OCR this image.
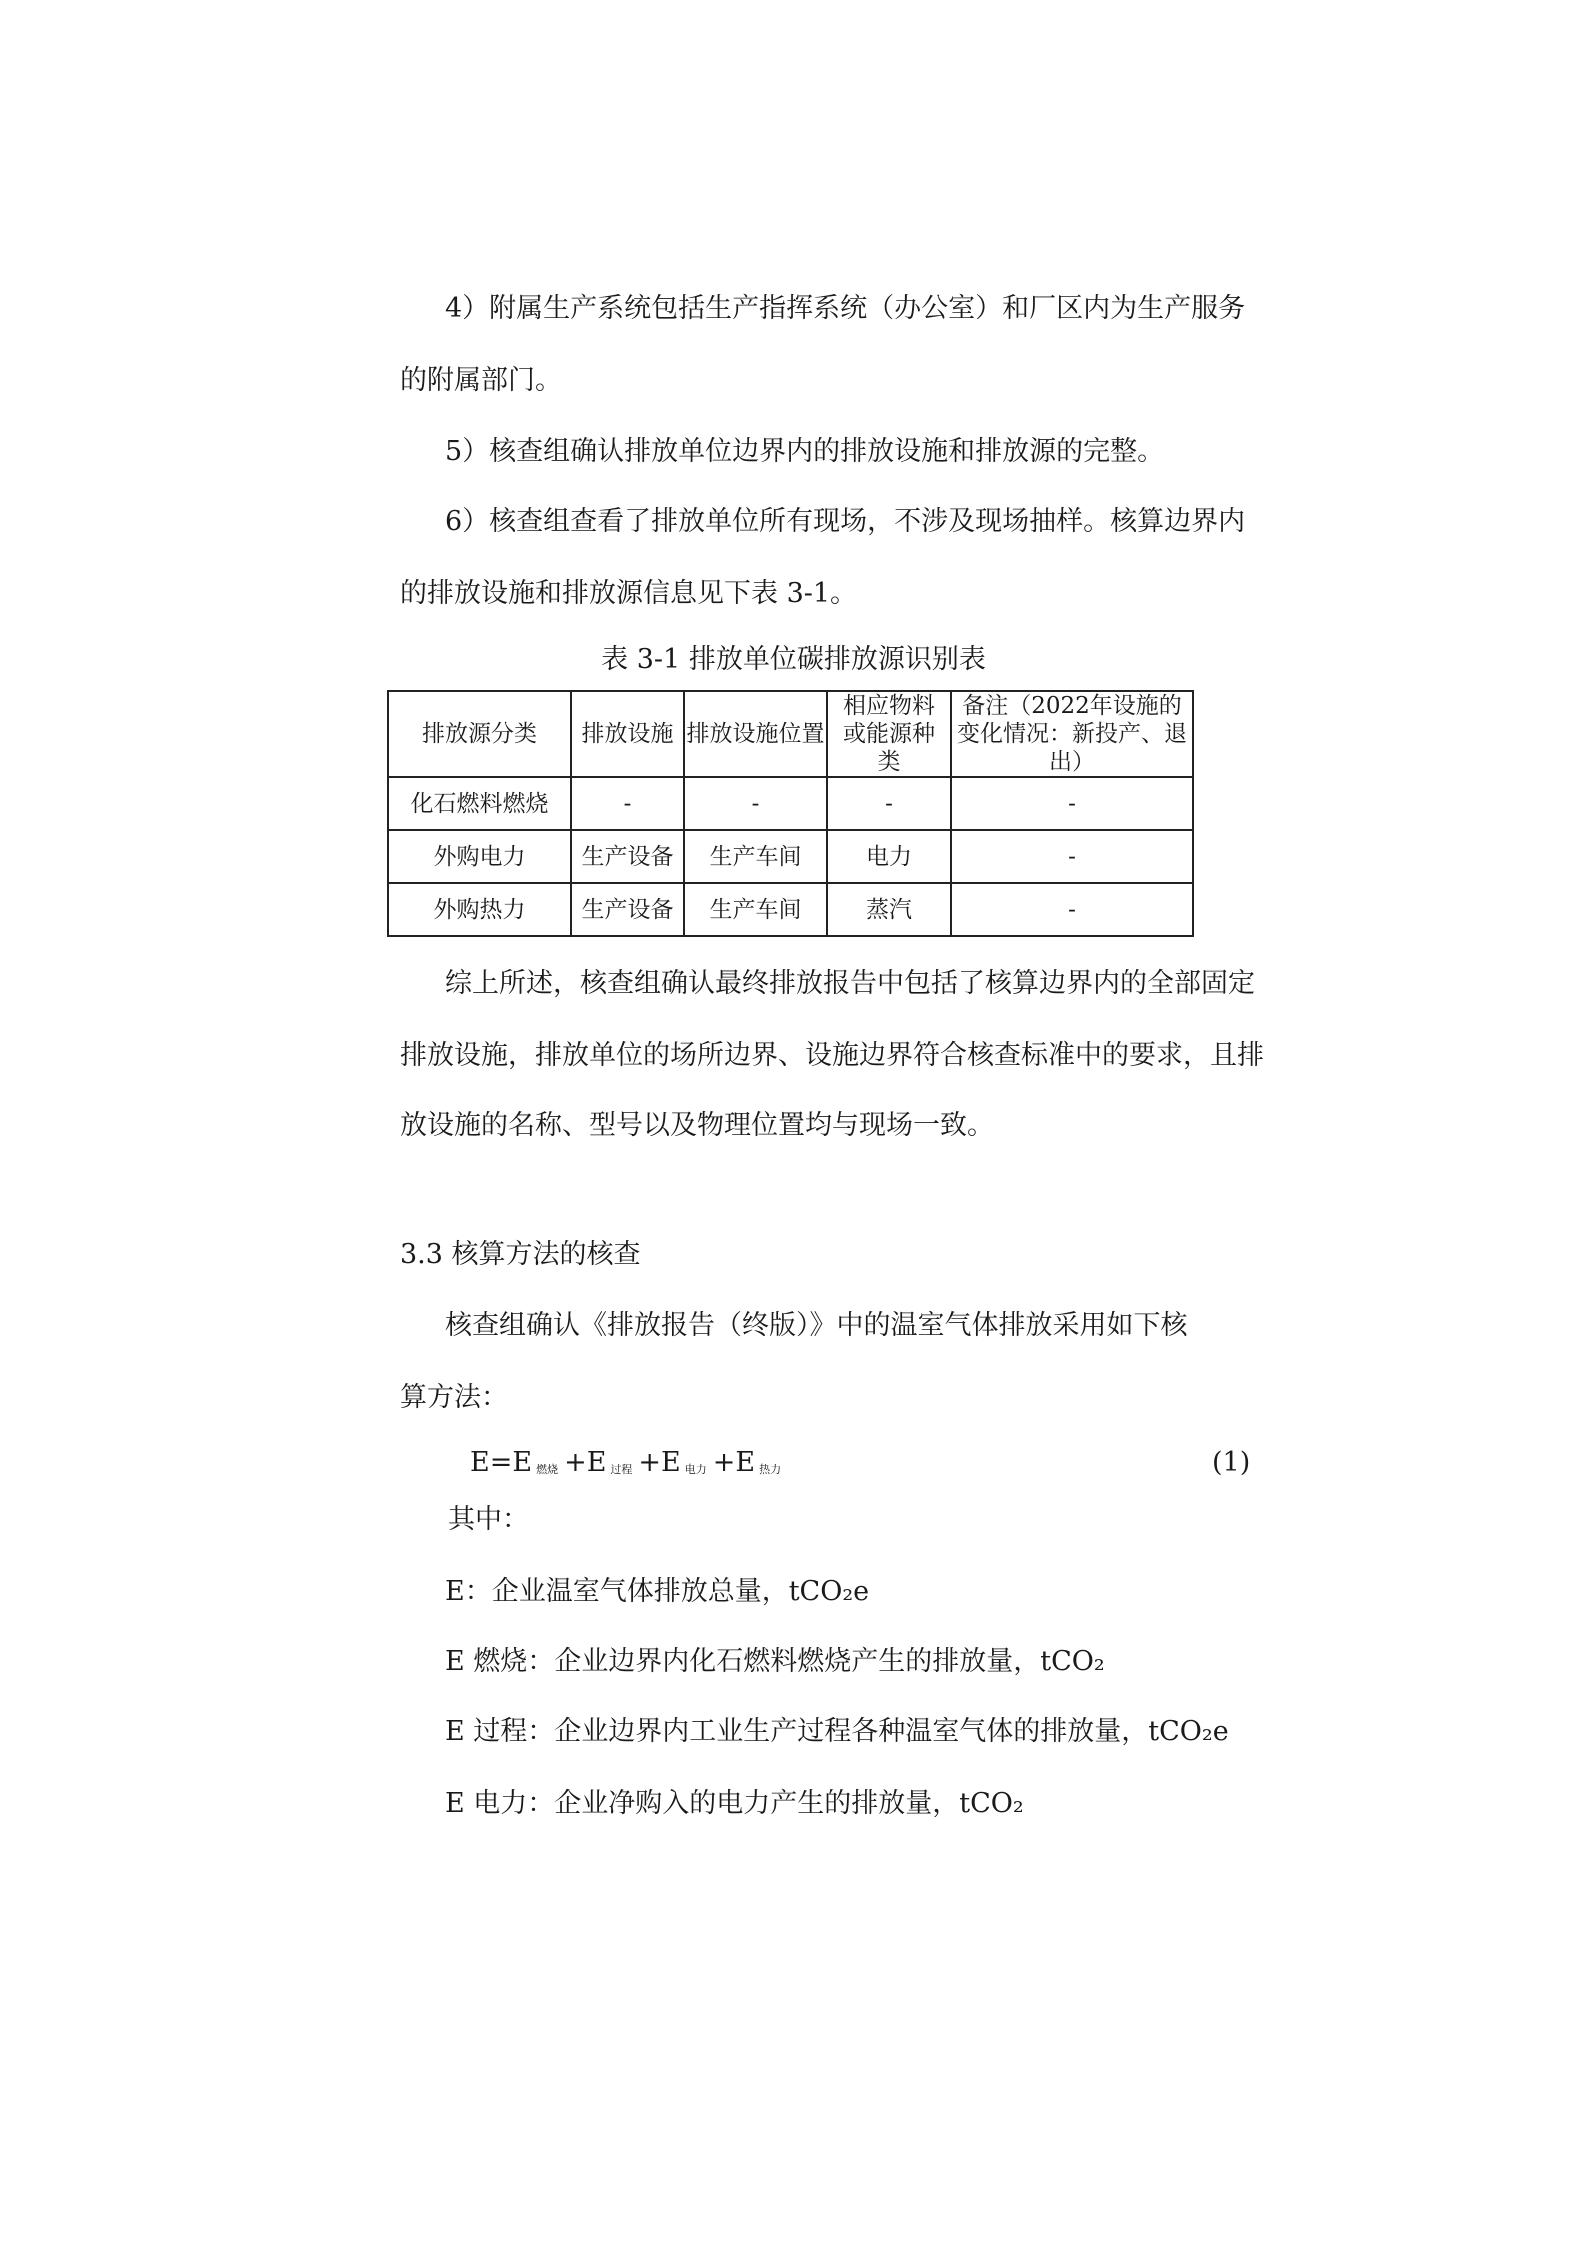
4）附属生产系统包括生产指挥系统（办公室）和厂区内为生产服务
的附属部门。
5）核查组确认排放单位边界内的排放设施和排放源的完整。
6）核查组查看了排放单位所有现场，不涉及现场抽样。核算边界内
的排放设施和排放源信息见下表 3-1。
表 3-1 排放单位碳排放源识别表
排放源分类	排放设施	排放设施位置	相应物料或能源种类	备注（2022年设施的变化情况：新投产、退出）
化石燃料燃烧	-	-	-	-
外购电力	生产设备	生产车间	电力	-
外购热力	生产设备	生产车间	蒸汽	-
综上所述，核查组确认最终排放报告中包括了核算边界内的全部固定
排放设施，排放单位的场所边界、设施边界符合核查标准中的要求，且排
放设施的名称、型号以及物理位置均与现场一致。
3.3 核算方法的核查
核查组确认《排放报告（终版）》中的温室气体排放采用如下核
算方法：
E=E 燃烧 +E 过程 +E 电力 +E 热力	(1)
其中：
E：企业温室气体排放总量，tCO₂e
E 燃烧：企业边界内化石燃料燃烧产生的排放量，tCO₂
E 过程：企业边界内工业生产过程各种温室气体的排放量，tCO₂e
E 电力：企业净购入的电力产生的排放量，tCO₂
